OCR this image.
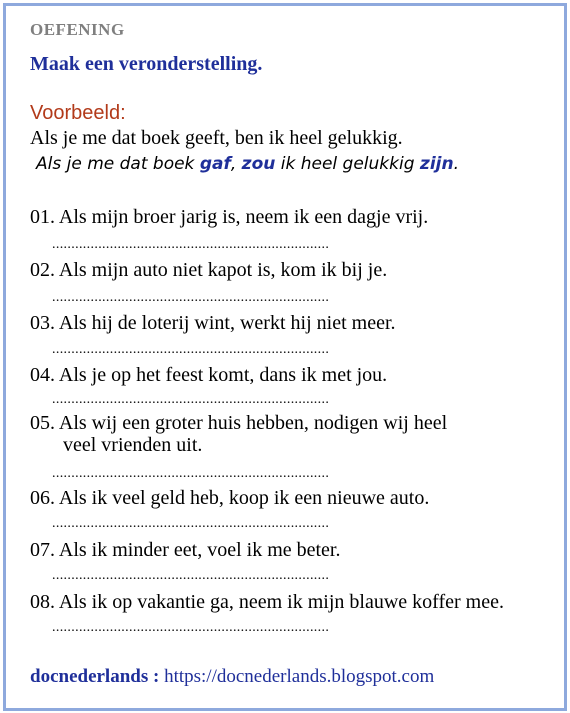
OEFENING
Maak een veronderstelling.
Voorbeeld:
Als je me dat boek geeft, ben ik heel gelukkig.
Als je me dat boek gaf, zou ik heel gelukkig zijn.
01. Als mijn broer jarig is, neem ik een dagje vrij.
........................................................................
02. Als mijn auto niet kapot is, kom ik bij je.
........................................................................
03. Als hij de loterij wint, werkt hij niet meer.
........................................................................
04. Als je op het feest komt, dans ik met jou.
........................................................................
05. Als wij een groter huis hebben, nodigen wij heel
veel vrienden uit.
........................................................................
06. Als ik veel geld heb, koop ik een nieuwe auto.
........................................................................
07. Als ik minder eet, voel ik me beter.
........................................................................
08. Als ik op vakantie ga, neem ik mijn blauwe koffer mee.
........................................................................
docnederlands : https://docnederlands.blogspot.com
